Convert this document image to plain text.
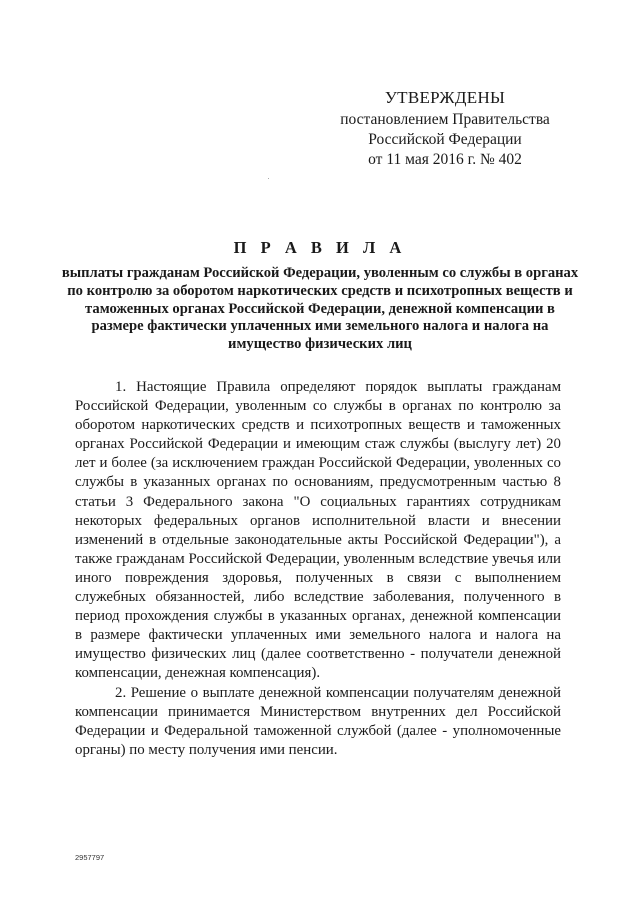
УТВЕРЖДЕНЫ
постановлением Правительства
Российской Федерации
от 11 мая 2016 г. № 402
П Р А В И Л А
выплаты гражданам Российской Федерации, уволенным со службы в органах по контролю за оборотом наркотических средств и психотропных веществ и таможенных органах Российской Федерации, денежной компенсации в размере фактически уплаченных ими земельного налога и налога на имущество физических лиц

1. Настоящие Правила определяют порядок выплаты гражданам Российской Федерации, уволенным со службы в органах по контролю за оборотом наркотических средств и психотропных веществ и таможенных органах Российской Федерации и имеющим стаж службы (выслугу лет) 20 лет и более (за исключением граждан Российской Федерации, уволенных со службы в указанных органах по основаниям, предусмотренным частью 8 статьи 3 Федерального закона "О социальных гарантиях сотрудникам некоторых федеральных органов исполнительной власти и внесении изменений в отдельные законодательные акты Российской Федерации"), а также гражданам Российской Федерации, уволенным вследствие увечья или иного повреждения здоровья, полученных в связи с выполнением служебных обязанностей, либо вследствие заболевания, полученного в период прохождения службы в указанных органах, денежной компенсации в размере фактически уплаченных ими земельного налога и налога на имущество физических лиц (далее соответственно - получатели денежной компенсации, денежная компенсация).

2. Решение о выплате денежной компенсации получателям денежной компенсации принимается Министерством внутренних дел Российской Федерации и Федеральной таможенной службой (далее - уполномоченные органы) по месту получения ими пенсии.

2957797
